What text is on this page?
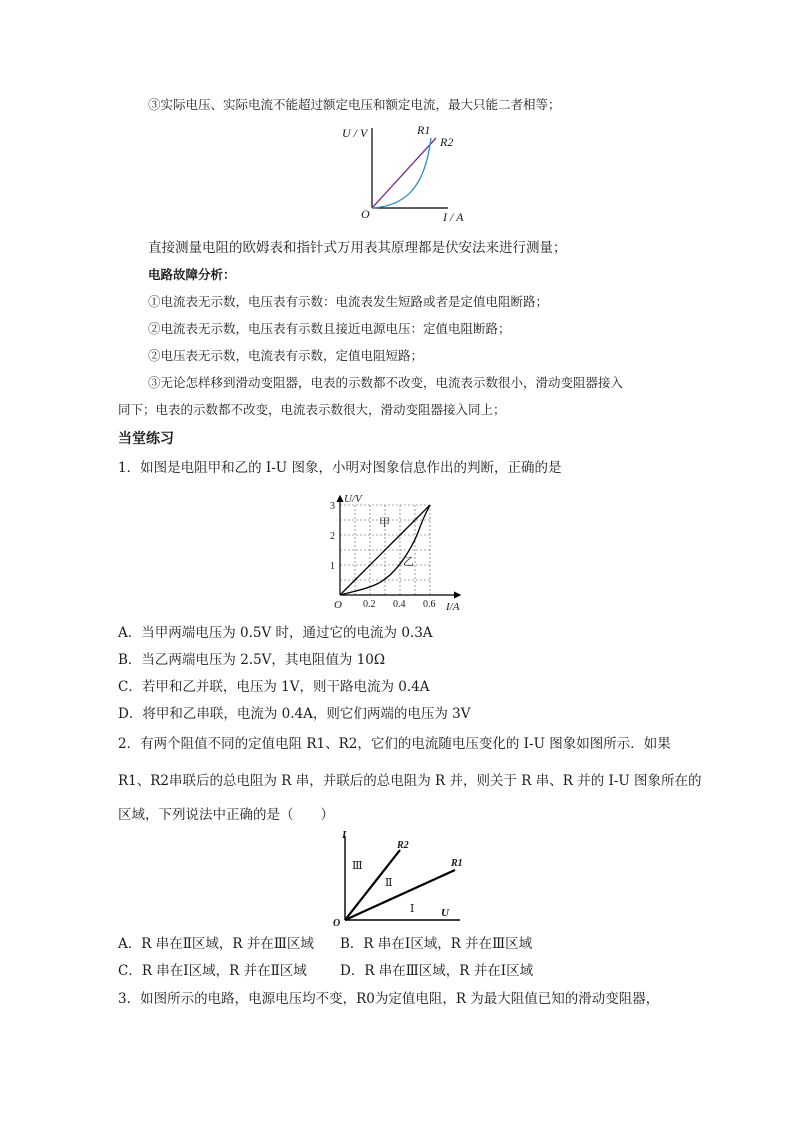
③实际电压、实际电流不能超过额定电压和额定电流，最大只能二者相等；
U / V
I / A
O
R1
R2
直接测量电阻的欧姆表和指针式万用表其原理都是伏安法来进行测量；
电路故障分析：
①电流表无示数，电压表有示数：电流表发生短路或者是定值电阻断路；
②电流表无示数，电压表有示数且接近电源电压：定值电阻断路；
②电压表无示数，电流表有示数，定值电阻短路；
③无论怎样移到滑动变阻器，电表的示数都不改变，电流表示数很小，滑动变阻器接入
同下；电表的示数都不改变，电流表示数很大，滑动变阻器接入同上；
当堂练习
1．如图是电阻甲和乙的 I-U 图象，小明对图象信息作出的判断，正确的是
0.2 0.4 0.6
1
2
3
甲
乙
U/V
I/A
O
A．当甲两端电压为 0.5V 时，通过它的电流为 0.3A
B．当乙两端电压为 2.5V，其电阻值为 10Ω
C．若甲和乙并联，电压为 1V，则干路电流为 0.4A
D．将甲和乙串联，电流为 0.4A，则它们两端的电压为 3V
2．有两个阻值不同的定值电阻 R1、R2，它们的电流随电压变化的 I-U 图象如图所示．如果
R1、R2串联后的总电阻为 R 串，并联后的总电阻为 R 并，则关于 R 串、R 并的 I-U 图象所在的
区域，下列说法中正确的是（　　）
I
U
O
R2
R1
Ⅲ
Ⅱ
Ⅰ
A．R 串在Ⅱ区域，R 并在Ⅲ区域 B．R 串在Ⅰ区域，R 并在Ⅲ区域
C．R 串在Ⅰ区域，R 并在Ⅱ区域 D．R 串在Ⅲ区域，R 并在Ⅰ区域
3．如图所示的电路，电源电压均不变，R0为定值电阻，R 为最大阻值已知的滑动变阻器，
